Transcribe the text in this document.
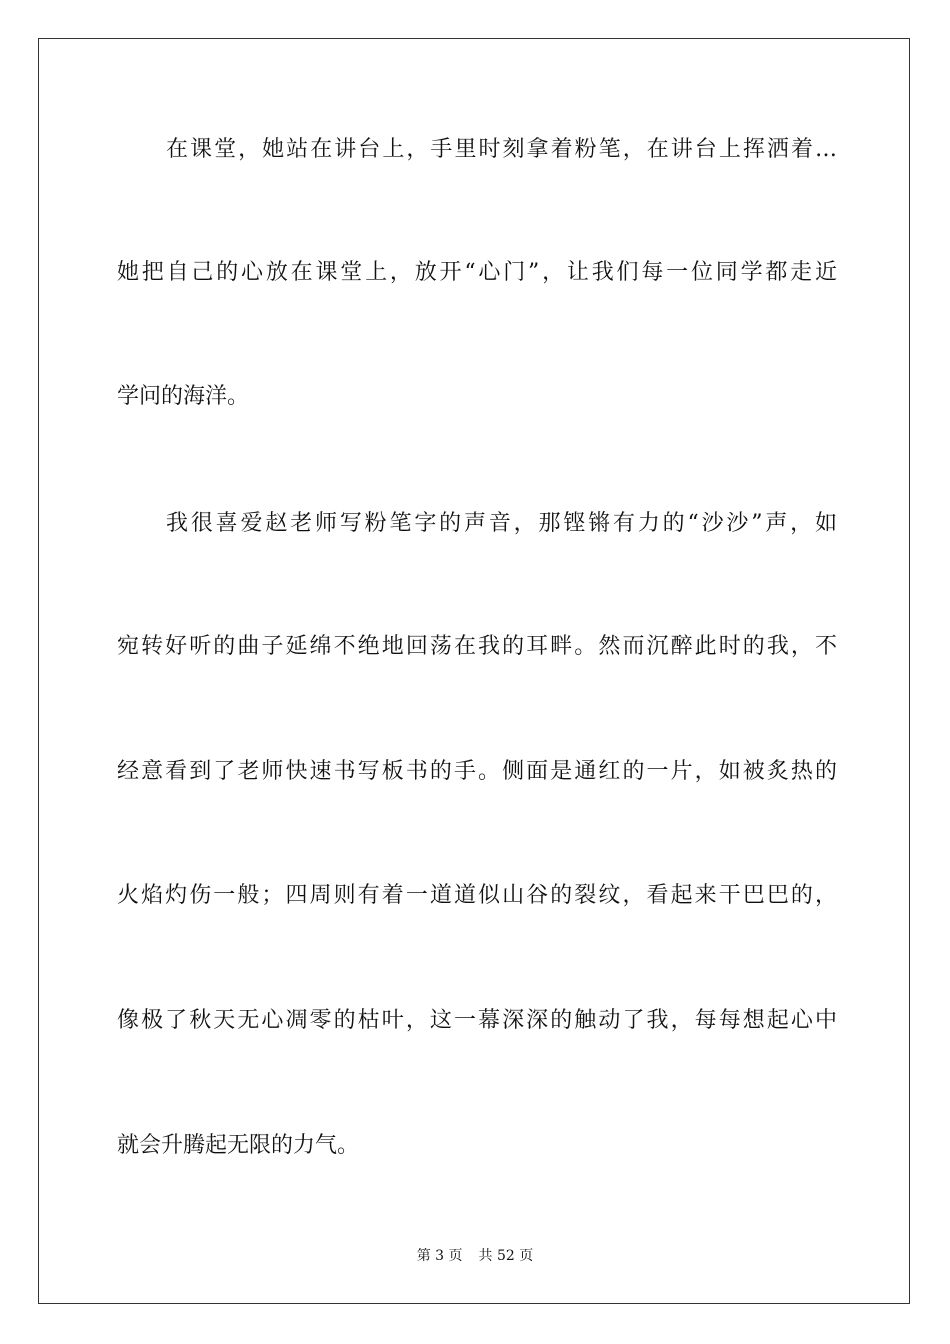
在课堂，她站在讲台上，手里时刻拿着粉笔，在讲台上挥洒着…
她把自己的心放在课堂上，放开“心门”，让我们每一位同学都走近
学问的海洋。
我很喜爱赵老师写粉笔字的声音，那铿锵有力的“沙沙”声，如
宛转好听的曲子延绵不绝地回荡在我的耳畔。然而沉醉此时的我，不
经意看到了老师快速书写板书的手。侧面是通红的一片，如被炙热的
火焰灼伤一般；四周则有着一道道似山谷的裂纹，看起来干巴巴的，
像极了秋天无心凋零的枯叶，这一幕深深的触动了我，每每想起心中
就会升腾起无限的力气。
第 3 页 共 52 页
